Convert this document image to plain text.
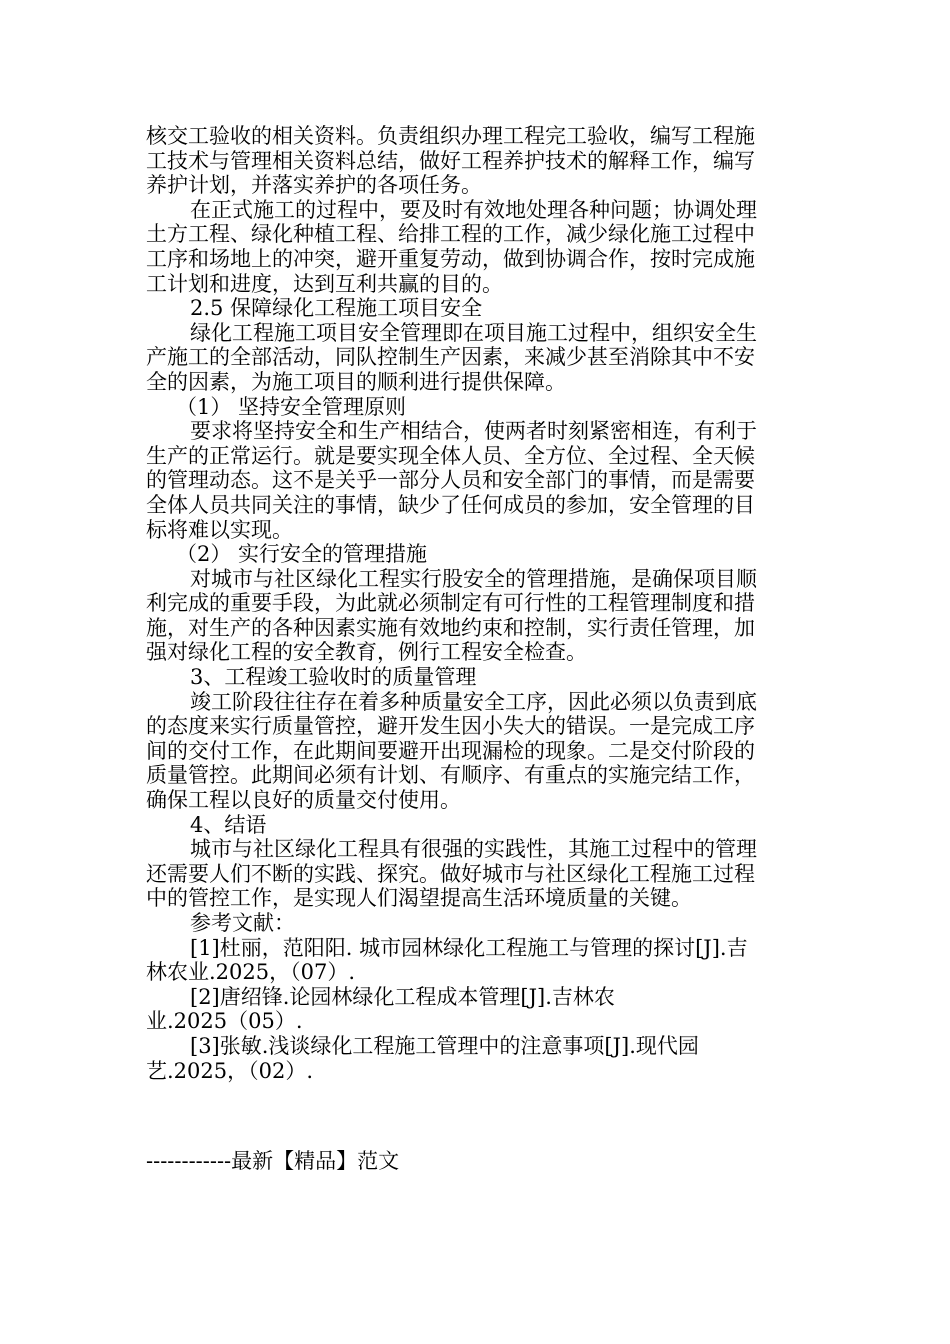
核交工验收的相关资料。负责组织办理工程完工验收，编写工程施
工技术与管理相关资料总结，做好工程养护技术的解释工作，编写
养护计划，并落实养护的各项任务。
在正式施工的过程中，要及时有效地处理各种问题；协调处理
土方工程、绿化种植工程、给排工程的工作，减少绿化施工过程中
工序和场地上的冲突，避开重复劳动，做到协调合作，按时完成施
工计划和进度，达到互利共赢的目的。
2.5 保障绿化工程施工项目安全
绿化工程施工项目安全管理即在项目施工过程中，组织安全生
产施工的全部活动，同队控制生产因素，来减少甚至消除其中不安
全的因素，为施工项目的顺利进行提供保障。
（1） 坚持安全管理原则
要求将坚持安全和生产相结合，使两者时刻紧密相连，有利于
生产的正常运行。就是要实现全体人员、全方位、全过程、全天候
的管理动态。这不是关乎一部分人员和安全部门的事情，而是需要
全体人员共同关注的事情，缺少了任何成员的参加，安全管理的目
标将难以实现。
（2） 实行安全的管理措施
对城市与社区绿化工程实行股安全的管理措施，是确保项目顺
利完成的重要手段，为此就必须制定有可行性的工程管理制度和措
施，对生产的各种因素实施有效地约束和控制，实行责任管理，加
强对绿化工程的安全教育，例行工程安全检查。
3、工程竣工验收时的质量管理
竣工阶段往往存在着多种质量安全工序，因此必须以负责到底
的态度来实行质量管控，避开发生因小失大的错误。一是完成工序
间的交付工作，在此期间要避开出现漏检的现象。二是交付阶段的
质量管控。此期间必须有计划、有顺序、有重点的实施完结工作，
确保工程以良好的质量交付使用。
4、结语
城市与社区绿化工程具有很强的实践性，其施工过程中的管理
还需要人们不断的实践、探究。做好城市与社区绿化工程施工过程
中的管控工作，是实现人们渴望提高生活环境质量的关键。
参考文献：
[1]杜丽，范阳阳. 城市园林绿化工程施工与管理的探讨[J].吉
林农业.2025，（07）.
[2]唐绍锋.论园林绿化工程成本管理[J].吉林农
业.2025（05）.
[3]张敏.浅谈绿化工程施工管理中的注意事项[J].现代园
艺.2025，（02）.
------------最新【精品】范文
